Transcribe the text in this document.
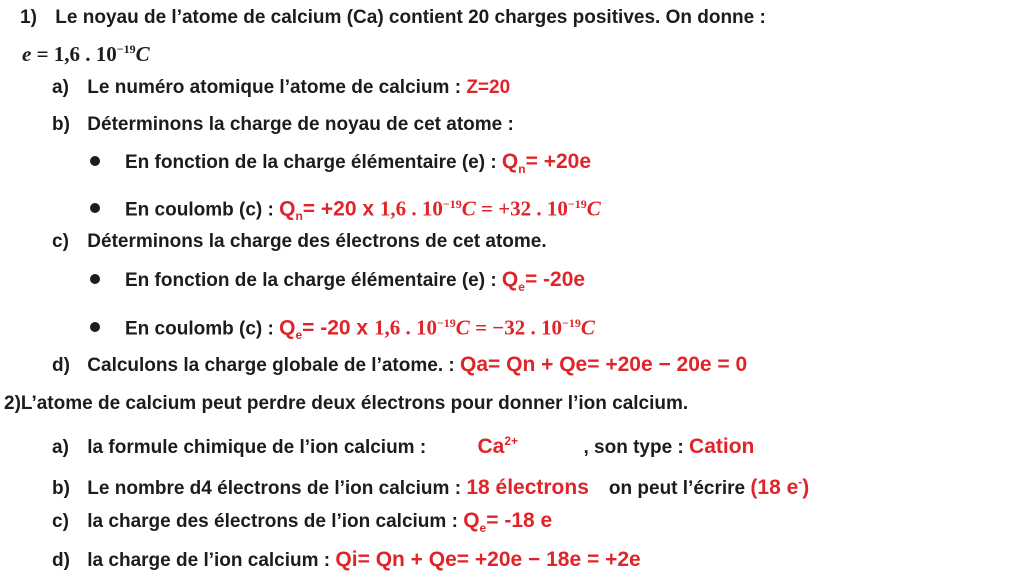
1) Le noyau de l’atome de calcium (Ca) contient 20 charges positives. On donne :
e = 1,6 . $10^{-19}C$
a) Le numéro atomique l’atome de calcium : Z=20
b) Déterminons la charge de noyau de cet atome :
En fonction de la charge élémentaire (e) : $Q_n= +20e$
En coulomb (c) : $Q_n= +20$ x 1,6 . $10^{-19}C = +32$ . $10^{-19}C$
c) Déterminons la charge des électrons de cet atome.
En fonction de la charge élémentaire (e) : $Q_e= -20e$
En coulomb (c) : $Q_e= -20$ x 1,6 . $10^{-19}C = -32$ . $10^{-19}C$
d) Calculons la charge globale de l’atome. : Qa= Qn + Qe= +20e − 20e = 0
2)L’atome de calcium peut perdre deux électrons pour donner l’ion calcium.
a) la formule chimique de l’ion calcium : $Ca^{2+}$	, son type : Cation
b) Le nombre d4 électrons de l’ion calcium : 18 électrons on peut l’écrire (18 e-)
c) la charge des électrons de l’ion calcium : $Q_e= -18$ e
d) la charge de l’ion calcium : Qi= Qn + Qe= +20e − 18e = +2e
